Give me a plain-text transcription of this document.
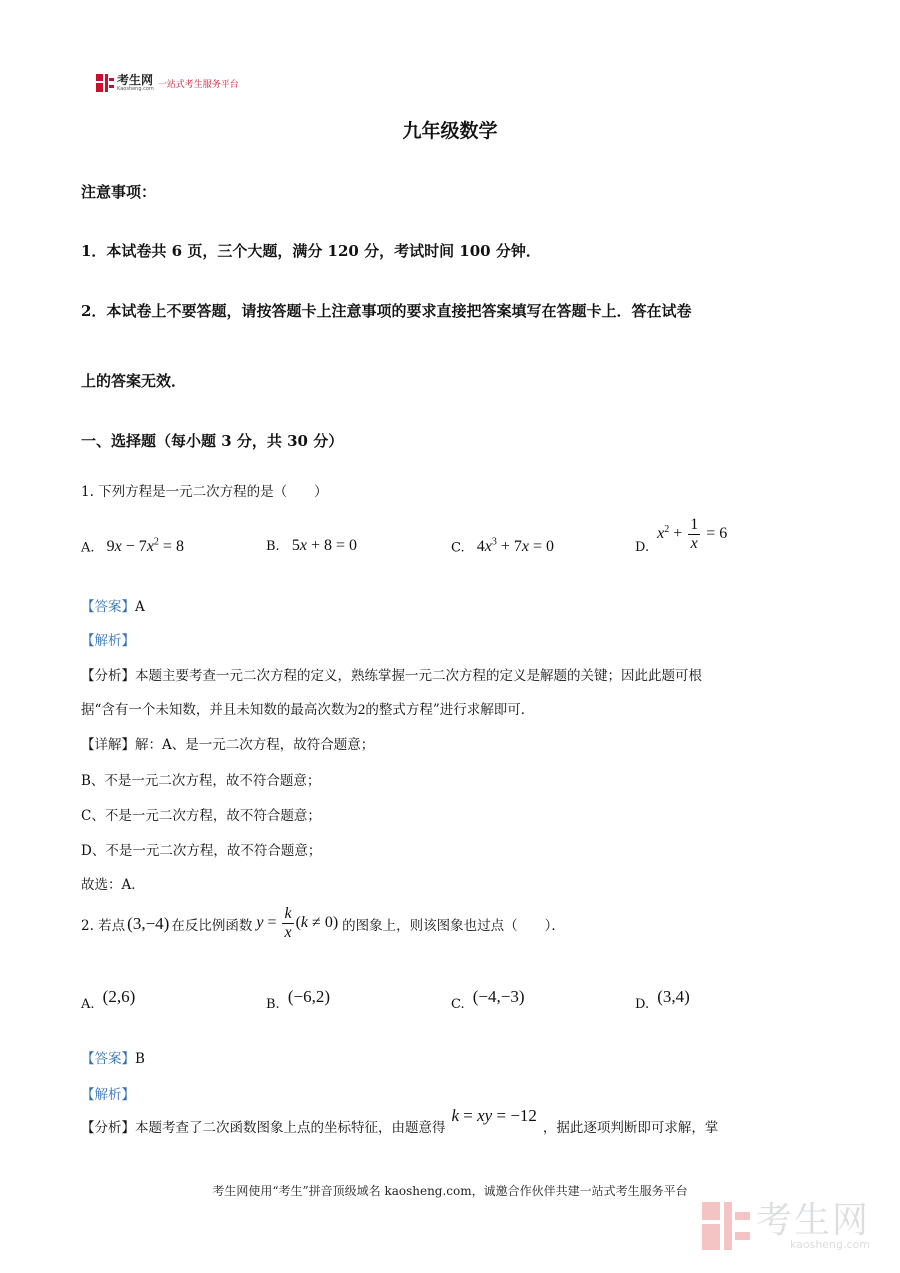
考生网
Kaosheng.com 一站式考生服务平台
九年级数学
注意事项：
1．本试卷共 6 页，三个大题，满分 120 分，考试时间 100 分钟．
2．本试卷上不要答题，请按答题卡上注意事项的要求直接把答案填写在答题卡上．答在试卷
上的答案无效．
一、选择题（每小题 3 分，共 30 分）
1. 下列方程是一元二次方程的是（　　）
A. $9x - 7x^2 = 8$	B. 5x + 8 = 0	C. $4x^3 + 7x = 0$	D.
$x^2 + \frac{1}{x} = 6$
【答案】A
【解析】
【分析】本题主要考查一元二次方程的定义，熟练掌握一元二次方程的定义是解题的关键；因此此题可根
据“含有一个未知数，并且未知数的最高次数为2的整式方程”进行求解即可．
【详解】解：A、是一元二次方程，故符合题意；
B、不是一元二次方程，故不符合题意；
C、不是一元二次方程，故不符合题意；
D、不是一元二次方程，故不符合题意；
故选：A．
2. 若点 (3,−4) 在反比例函数 $y = \frac{k}{x} (k \ne 0)$ 的图象上，则该图象也过点（　　）．
A. (2,6)	B. (−6,2)	C. (−4,−3)	D. (3,4)
【答案】B
【解析】
【分析】本题考查了二次函数图象上点的坐标特征，由题意得
k = xy = −12
，据此逐项判断即可求解，掌
考生网使用“考生”拼音顶级域名 kaosheng.com，诚邀合作伙伴共建一站式考生服务平台
考生网
kaosheng.com
